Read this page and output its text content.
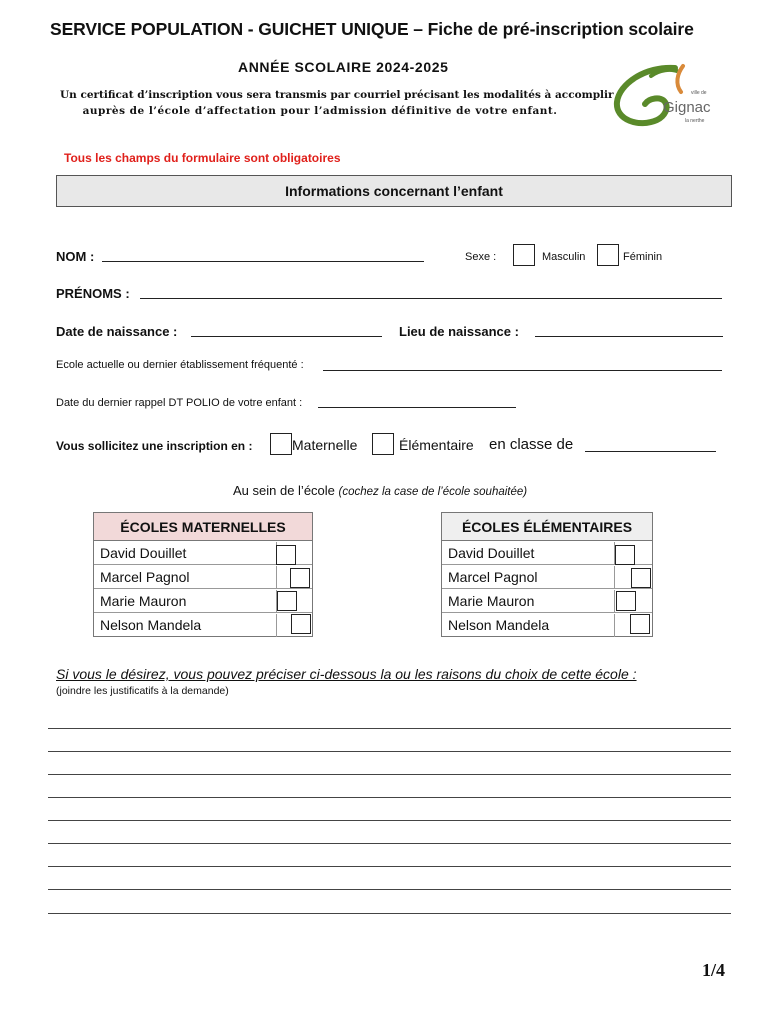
SERVICE POPULATION - GUICHET UNIQUE – Fiche de pré-inscription scolaire
ANNÉE SCOLAIRE 2024-2025
Un certificat d’inscription vous sera transmis par courriel précisant les modalités à accomplir
auprès de l’école d’affectation pour l’admission définitive de votre enfant.
ville de
Gignac
la nerthe
Tous les champs du formulaire sont obligatoires
Informations concernant l’enfant
NOM :	Sexe :	Masculin	Féminin
PRÉNOMS :
Date de naissance :	Lieu de naissance :
Ecole actuelle ou dernier établissement fréquenté :
Date du dernier rappel DT POLIO de votre enfant :
Vous sollicitez une inscription en :	Maternelle	Élémentaire en classe de
Au sein de l’école (cochez la case de l’école souhaitée)
ÉCOLES MATERNELLES
David Douillet
Marcel Pagnol
Marie Mauron
Nelson Mandela
ÉCOLES ÉLÉMENTAIRES
David Douillet
Marcel Pagnol
Marie Mauron
Nelson Mandela
Si vous le désirez, vous pouvez préciser ci-dessous la ou les raisons du choix de cette école :
(joindre les justificatifs à la demande)
1/4
